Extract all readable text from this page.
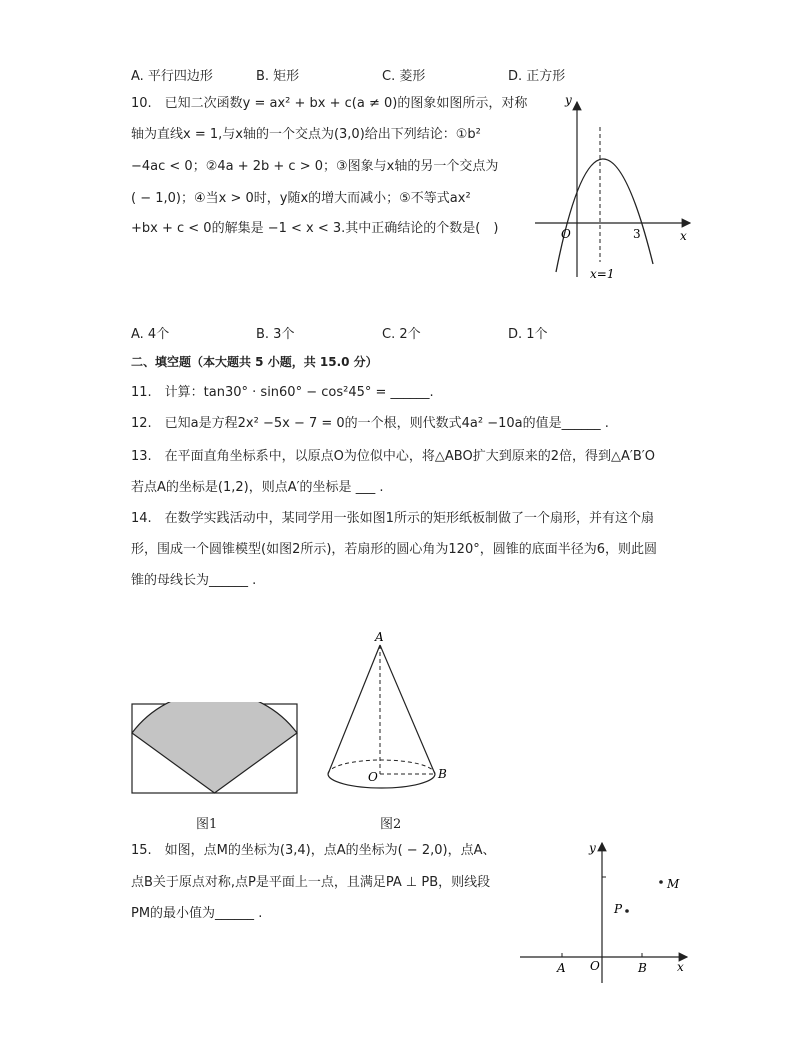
A. 平行四边形	B. 矩形	C. 菱形	D. 正方形
10.　已知二次函数y = ax² + bx + c(a ≠ 0)的图象如图所示，对称
轴为直线x = 1,与x轴的一个交点为(3,0)给出下列结论：①b²
−4ac < 0；②4a + 2b + c > 0；③图象与x轴的另一个交点为
( − 1,0)；④当x > 0时，y随x的增大而减小；⑤不等式ax²
+bx + c < 0的解集是 −1 < x < 3.其中正确结论的个数是(　)
y
x
O	3
x=1
A. 4个	B. 3个	C. 2个	D. 1个
二、填空题（本大题共 5 小题，共 15.0 分）
11.　计算：tan30° · sin60° − cos²45° = ______.
12.　已知a是方程2x² −5x − 7 = 0的一个根，则代数式4a² −10a的值是______ .
13.　在平面直角坐标系中，以原点O为位似中心，将△ABO扩大到原来的2倍，得到△A′B′O
若点A的坐标是(1,2)，则点A′的坐标是 ___ .
14.　在数学实践活动中，某同学用一张如图1所示的矩形纸板制做了一个扇形，并有这个扇
形，围成一个圆锥模型(如图2所示)，若扇形的圆心角为120°，圆锥的底面半径为6，则此圆
锥的母线长为______ .
图1
A
O	B
图2
15.　如图，点M的坐标为(3,4)，点A的坐标为( − 2,0)，点A、
点B关于原点对称,点P是平面上一点，且满足PA ⊥ PB，则线段
PM的最小值为______ .
y
x
O
A	B
M
P
